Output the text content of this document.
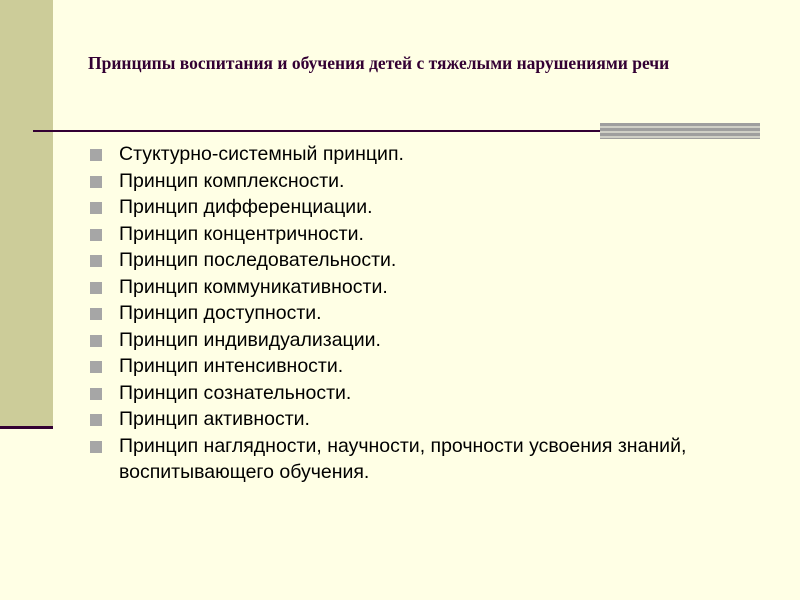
Принципы воспитания и обучения детей с тяжелыми нарушениями речи
Стуктурно-системный принцип.
Принцип комплексности.
Принцип дифференциации.
Принцип концентричности.
Принцип последовательности.
Принцип коммуникативности.
Принцип доступности.
Принцип индивидуализации.
Принцип интенсивности.
Принцип сознательности.
Принцип активности.
Принцип наглядности, научности, прочности усвоения знаний, воспитывающего обучения.
